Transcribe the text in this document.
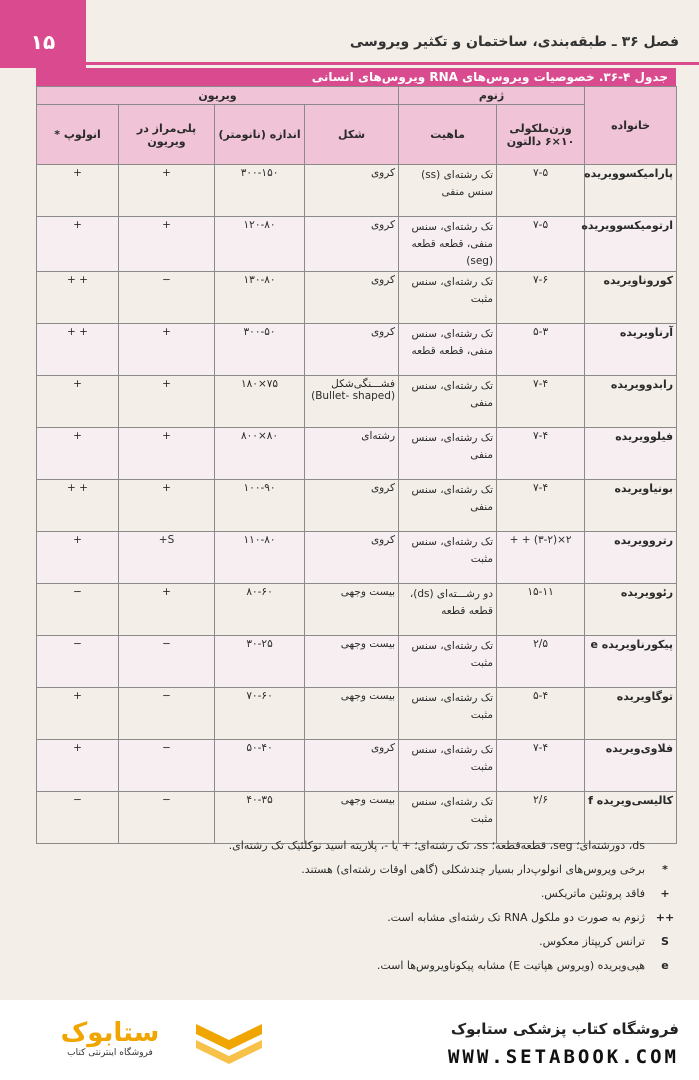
۱۵	فصل ۳۶ ـ طبقه‌بندی، ساختمان و تکثیر ویروسی
جدول ۴-۳۶. خصوصیات ویروس‌های RNA ویروس‌های انسانی
خانواده	ژنوم		ویریون			
	وزن‌ملکولی ۱۰×۶ دالتون	ماهیت	شکل	اندازه (نانومتر)	پلی‌مراز در ویریون	انولوپ *
پارامیکسوویریده	۷-۵	تک رشته‌ای (ss) سنس منفی	کروی	۳۰۰-۱۵۰	+	+
ارتومیکسوویریده	۷-۵	تک رشته‌ای، سنس منفی، قطعه قطعه (seg)	کروی	۱۲۰-۸۰	+	+
کوروناویریده	۷-۶	تک رشته‌ای، سنس مثبت	کروی	۱۳۰-۸۰	−	+ +
آرناویریده	۵-۳	تک رشته‌ای، سنس منفی، قطعه قطعه	کروی	۳۰۰-۵۰	+	+ +
رابدوویریده	۷-۴	تک رشته‌ای، سنس منفی	فشـــنگی‌شکل (Bullet- shaped)	۷۵×۱۸۰	+	+
فیلوویریده	۷-۴	تک رشته‌ای، سنس منفی	رشته‌ای	۸۰×۸۰۰	+	+
بونیاویریده	۷-۴	تک رشته‌ای، سنس منفی	کروی	۱۰۰-۹۰	+	+ +
رتروویریده	۲×(۳-۲) + +	تک رشته‌ای، سنس مثبت	کروی	۱۱۰-۸۰	S+	+
رئوویریده	۱۵-۱۱	دو رشـــته‌ای (ds)، قطعه قطعه	بیست وجهی	۸۰-۶۰	+	−
پیکورناویریده e	۲/۵	تک رشته‌ای، سنس مثبت	بیست وجهی	۳۰-۲۵	−	−
توگاویریده	۵-۴	تک رشته‌ای، سنس مثبت	بیست وجهی	۷۰-۶۰	−	+
فلاوی‌ویریده	۷-۴	تک رشته‌ای، سنس مثبت	کروی	۵۰-۴۰	−	+
کالیسی‌ویریده f	۲/۶	تک رشته‌ای، سنس مثبت	بیست وجهی	۴۰-۳۵	−	−
ds، دورشته‌ای؛ seg، قطعه‌قطعه؛ ss، تک رشته‌ای؛ + یا -، پلاریته اسید نوکلئیک تک رشته‌ای.
*
برخی ویروس‌های انولوپ‌دار بسیار چندشکلی (گاهی اوقات رشته‌ای) هستند.
+
فاقد پروتئین ماتریکس.
++
ژنوم به صورت دو ملکول RNA تک رشته‌ای مشابه است.
S
ترانس کریپتاز معکوس.
e
هپی‌ویریده (ویروس هپاتیت E) مشابه پیکوناویروس‌ها است.
ستابوک
فروشگاه اینترنتی کتاب
فروشگاه کتاب پزشکی ستابوک
WWW.SETABOOK.COM
